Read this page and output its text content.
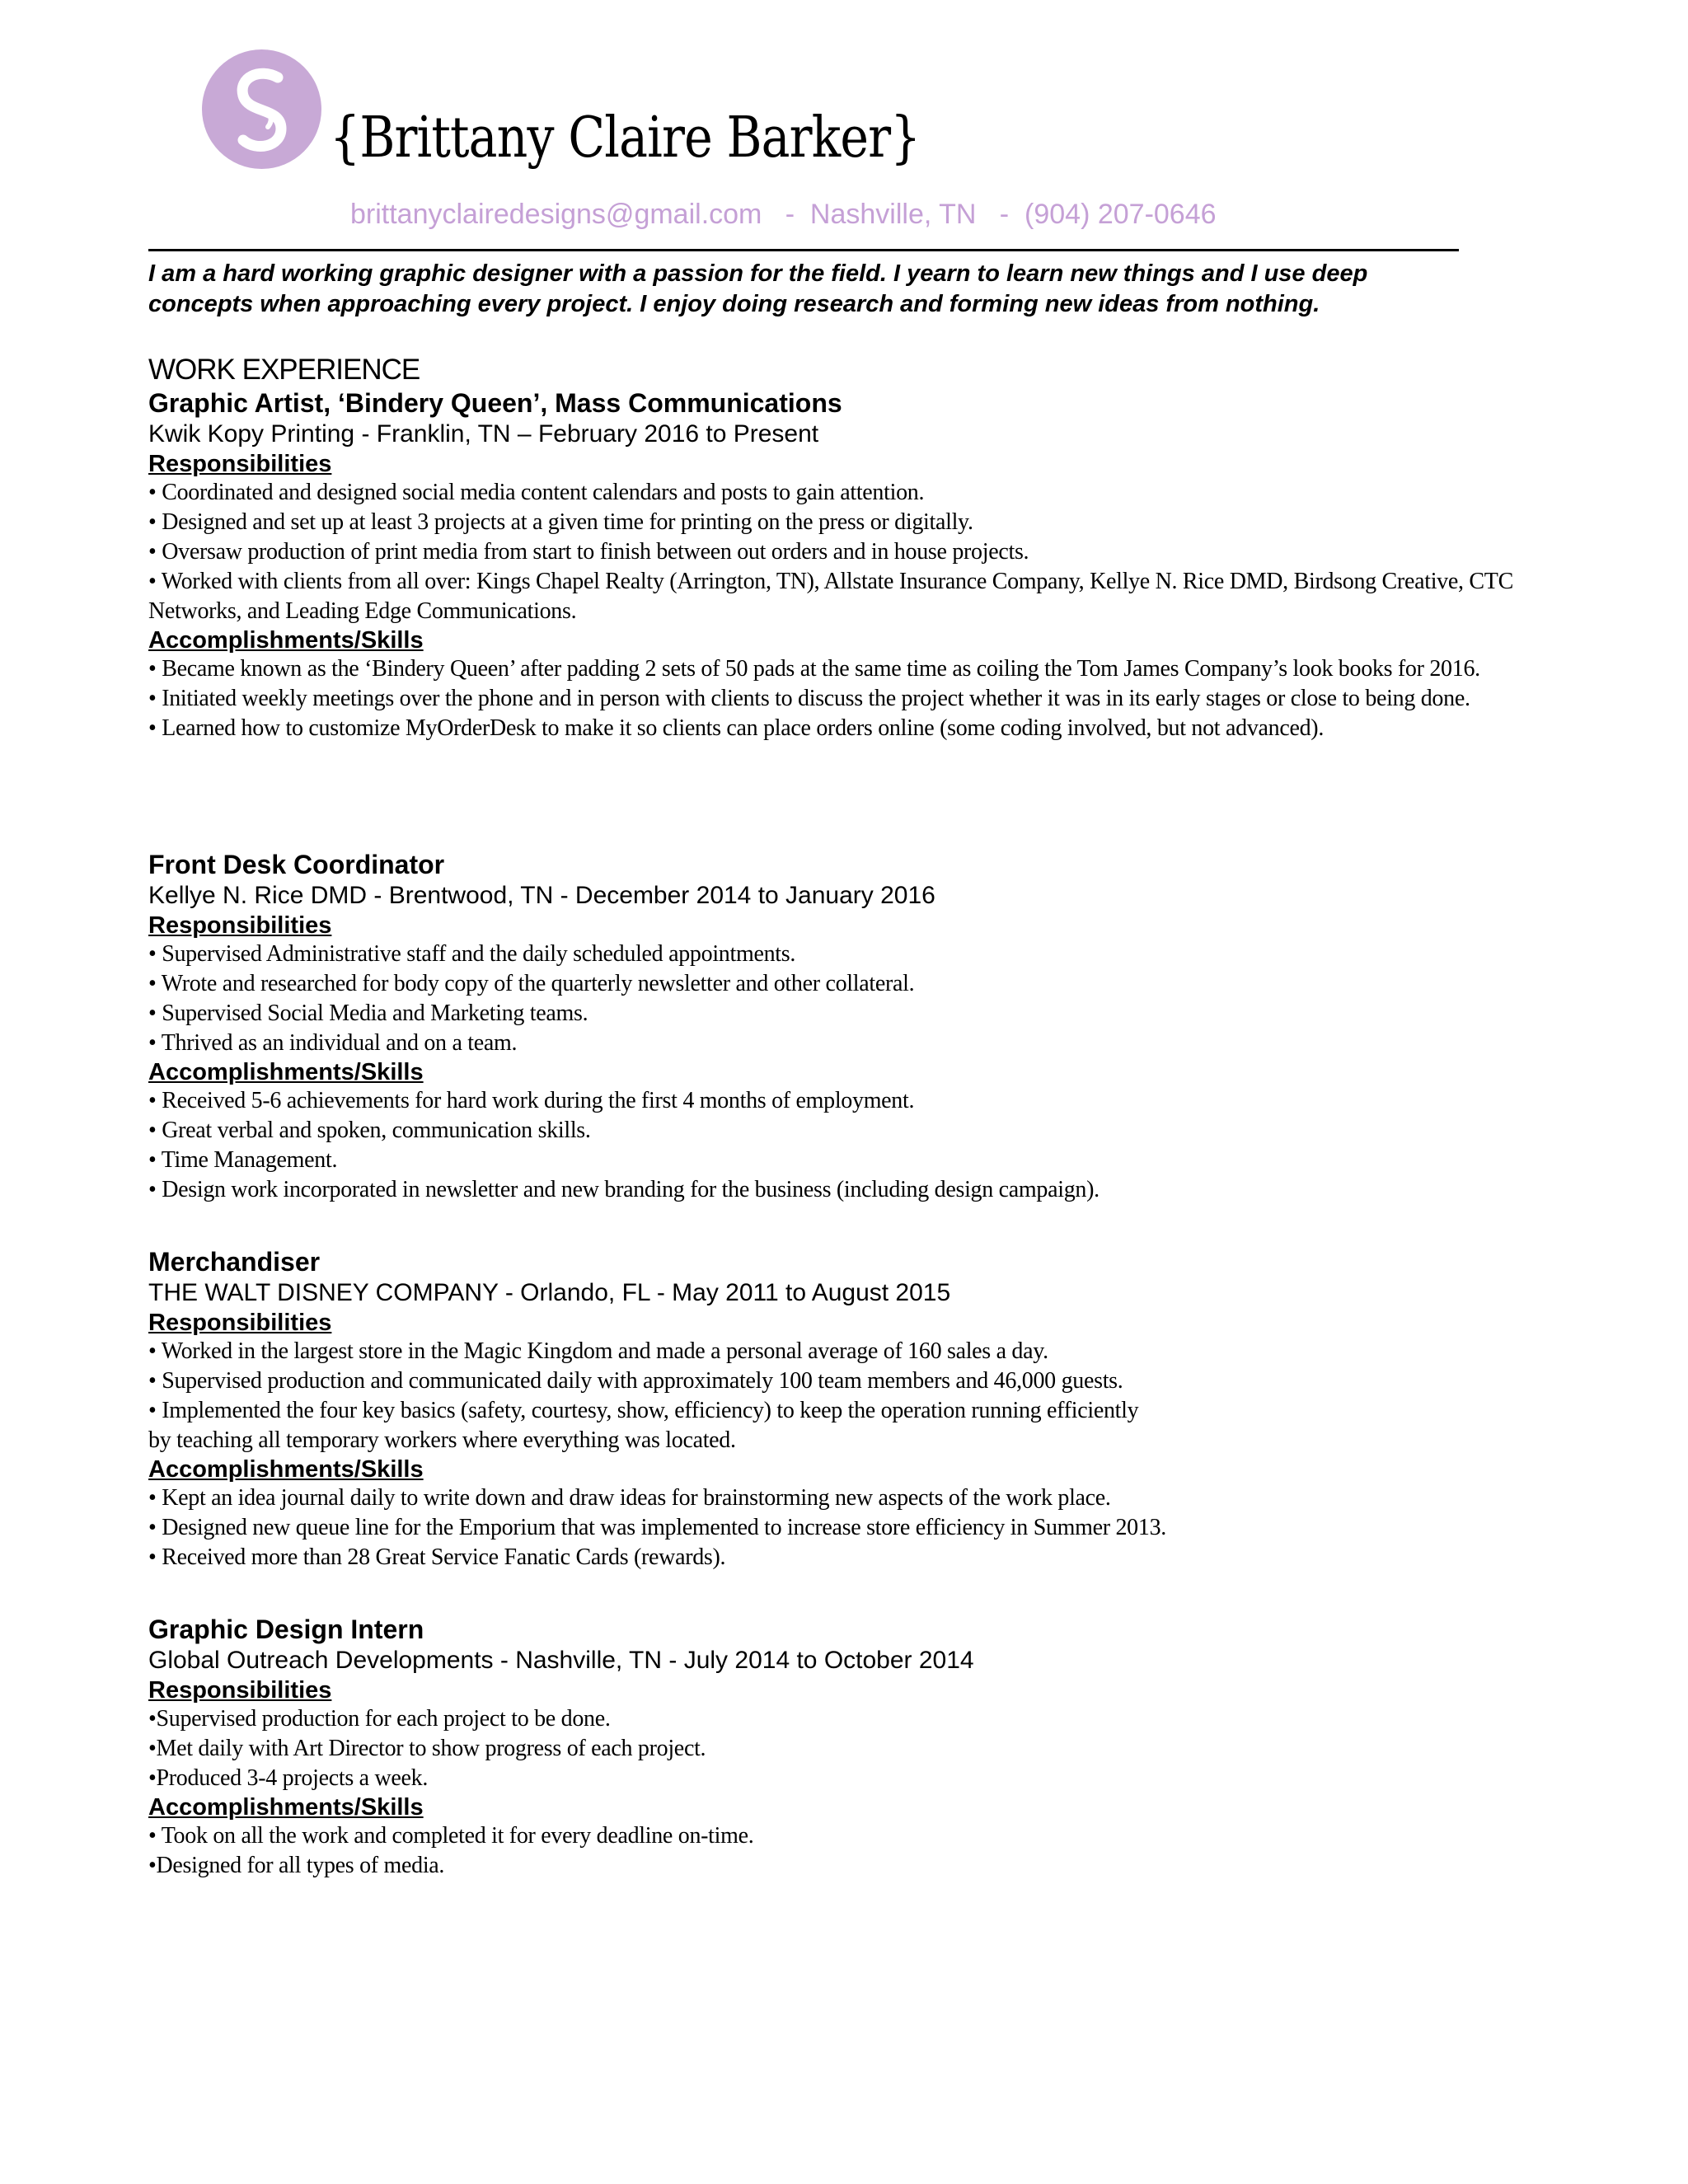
{Brittany Claire Barker}
brittanyclairedesigns@gmail.com   -  Nashville, TN   -  (904) 207-0646
I am a hard working graphic designer with a passion for the field. I yearn to learn new things and I use deep
concepts when approaching every project. I enjoy doing research and forming new ideas from nothing.
WORK EXPERIENCE
Graphic Artist, ‘Bindery Queen’, Mass Communications
Kwik Kopy Printing - Franklin, TN – February 2016 to Present
Responsibilities
• Coordinated and designed social media content calendars and posts to gain attention.
• Designed and set up at least 3 projects at a given time for printing on the press or digitally.
• Oversaw production of print media from start to finish between out orders and in house projects.
• Worked with clients from all over: Kings Chapel Realty (Arrington, TN), Allstate Insurance Company, Kellye N. Rice DMD, Birdsong Creative, CTC Networks, and Leading Edge Communications.
Accomplishments/Skills
• Became known as the ‘Bindery Queen’ after padding 2 sets of 50 pads at the same time as coiling the Tom James Company’s look books for 2016.
• Initiated weekly meetings over the phone and in person with clients to discuss the project whether it was in its early stages or close to being done.
• Learned how to customize MyOrderDesk to make it so clients can place orders online (some coding involved, but not advanced).
Front Desk Coordinator
Kellye N. Rice DMD - Brentwood, TN - December 2014 to January 2016
Responsibilities
• Supervised Administrative staff and the daily scheduled appointments.
• Wrote and researched for body copy of the quarterly newsletter and other collateral.
• Supervised Social Media and Marketing teams.
• Thrived as an individual and on a team.
Accomplishments/Skills
• Received 5-6 achievements for hard work during the first 4 months of employment.
• Great verbal and spoken, communication skills.
• Time Management.
• Design work incorporated in newsletter and new branding for the business (including design campaign).
Merchandiser
THE WALT DISNEY COMPANY - Orlando, FL - May 2011 to August 2015
Responsibilities
• Worked in the largest store in the Magic Kingdom and made a personal average of 160 sales a day.
• Supervised production and communicated daily with approximately 100 team members and 46,000 guests.
• Implemented the four key basics (safety, courtesy, show, efficiency) to keep the operation running efficiently
by teaching all temporary workers where everything was located.
Accomplishments/Skills
• Kept an idea journal daily to write down and draw ideas for brainstorming new aspects of the work place.
• Designed new queue line for the Emporium that was implemented to increase store efficiency in Summer 2013.
• Received more than 28 Great Service Fanatic Cards (rewards).
Graphic Design Intern
Global Outreach Developments - Nashville, TN - July 2014 to October 2014
Responsibilities
•Supervised production for each project to be done.
•Met daily with Art Director to show progress of each project.
•Produced 3-4 projects a week.
Accomplishments/Skills
• Took on all the work and completed it for every deadline on-time.
•Designed for all types of media.
